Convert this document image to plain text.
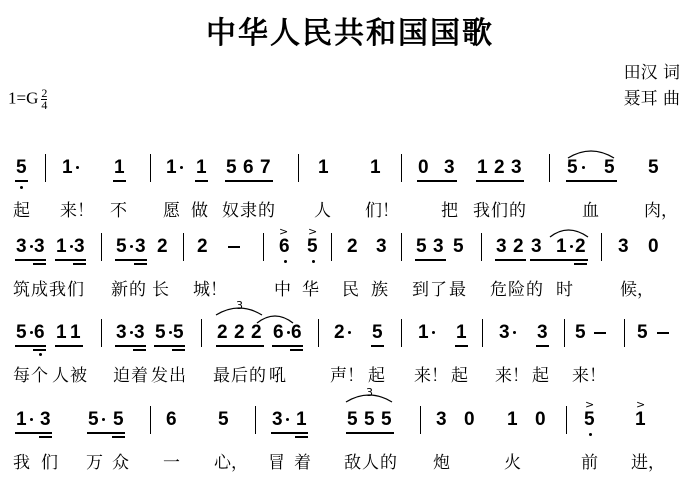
中华人民共和国国歌
田汉 词
聂耳 曲
$1=G \frac{2}{4}$
5 1 1 1 1 5 6 7 1 1 0 3 1 2 3 5 5 5
起 来！ 不 愿 做 奴 隶 的 人 们！ 把 我 们 的	血	肉，
3 3 1 3 5 3 2 2
>
6
>
5 2 3 5 3 5 3 2 3 1 2 3 0
筑 成 我 们 新 的 长 城！	中 华 民 族 到 了 最 危 险 的 时	候，
5 6 1 1 3 3 5 5
3
2 2 2 6 6 2 5 1 1 3 3 5	5
每 个 人 被 迫 着 发 出 最 后 的 吼	声！ 起 来！ 起 来！ 起 来！
1 3 5 5 6 5 3 1
3
5 5 5 3 0 1 0
>
5
>
1
我 们 万 众 一 心， 冒 着 敌 人 的 炮	火	前 进，
